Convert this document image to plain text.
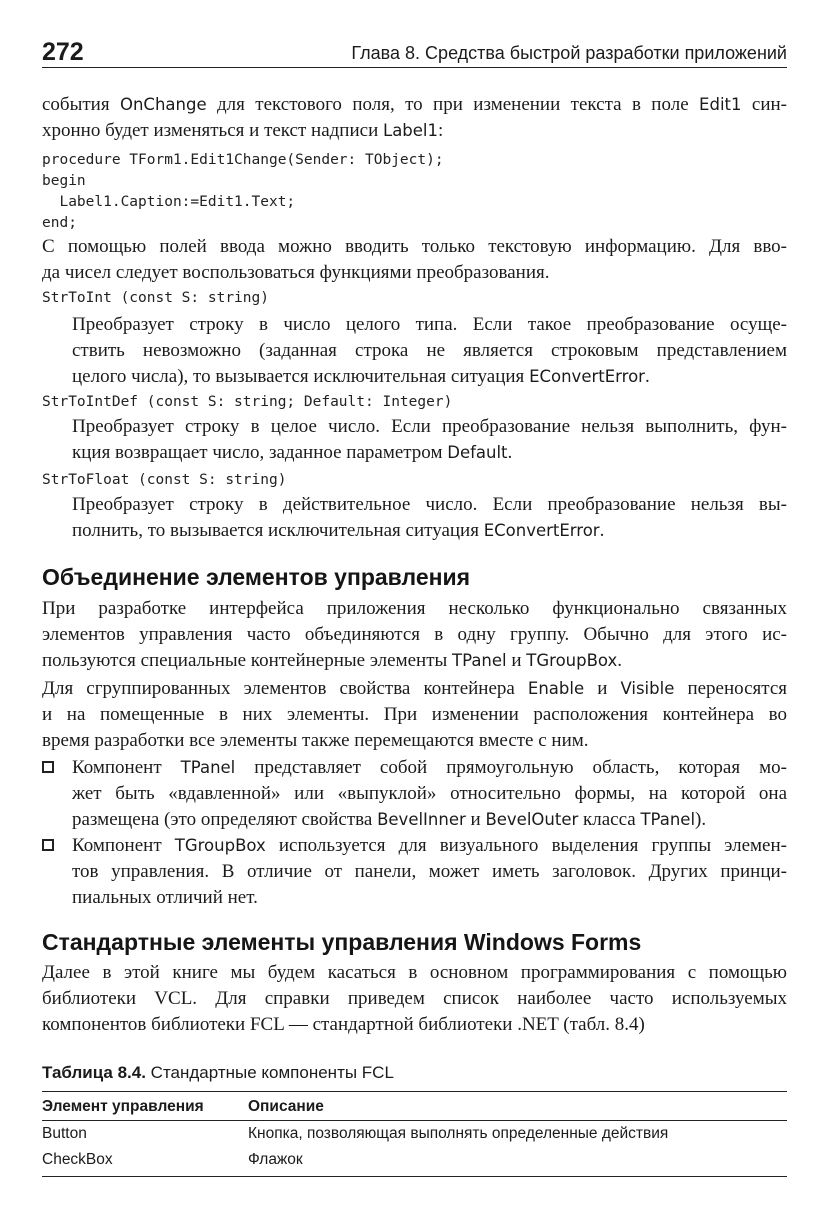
272	Глава 8. Средства быстрой разработки приложений
события OnChange для текстового поля, то при изменении текста в поле Edit1 син-
хронно будет изменяться и текст надписи Label1:
procedure TForm1.Edit1Change(Sender: TObject);
begin
Label1.Caption:=Edit1.Text;
end;
С помощью полей ввода можно вводить только текстовую информацию. Для вво-
да чисел следует воспользоваться функциями преобразования.
StrToInt (const S: string)
Преобразует строку в число целого типа. Если такое преобразование осуще-
ствить невозможно (заданная строка не является строковым представлением
целого числа), то вызывается исключительная ситуация EConvertError.
StrToIntDef (const S: string; Default: Integer)
Преобразует строку в целое число. Если преобразование нельзя выполнить, фун-
кция возвращает число, заданное параметром Default.
StrToFloat (const S: string)
Преобразует строку в действительное число. Если преобразование нельзя вы-
полнить, то вызывается исключительная ситуация EConvertError.
Объединение элементов управления
При разработке интерфейса приложения несколько функционально связанных
элементов управления часто объединяются в одну группу. Обычно для этого ис-
пользуются специальные контейнерные элементы TPanel и TGroupBox.
Для сгруппированных элементов свойства контейнера Enable и Visible переносятся
и на помещенные в них элементы. При изменении расположения контейнера во
время разработки все элементы также перемещаются вместе с ним.
Компонент TPanel представляет собой прямоугольную область, которая мо-
жет быть «вдавленной» или «выпуклой» относительно формы, на которой она
размещена (это определяют свойства BevelInner и BevelOuter класса TPanel).
Компонент TGroupBox используется для визуального выделения группы элемен-
тов управления. В отличие от панели, может иметь заголовок. Других принци-
пиальных отличий нет.
Стандартные элементы управления Windows Forms
Далее в этой книге мы будем касаться в основном программирования с помощью
библиотеки VCL. Для справки приведем список наиболее часто используемых
компонентов библиотеки FCL — стандартной библиотеки .NET (табл. 8.4)
Таблица 8.4. Стандартные компоненты FCL
Элемент управления	Описание
Button	Кнопка, позволяющая выполнять определенные действия
CheckBox	Флажок
